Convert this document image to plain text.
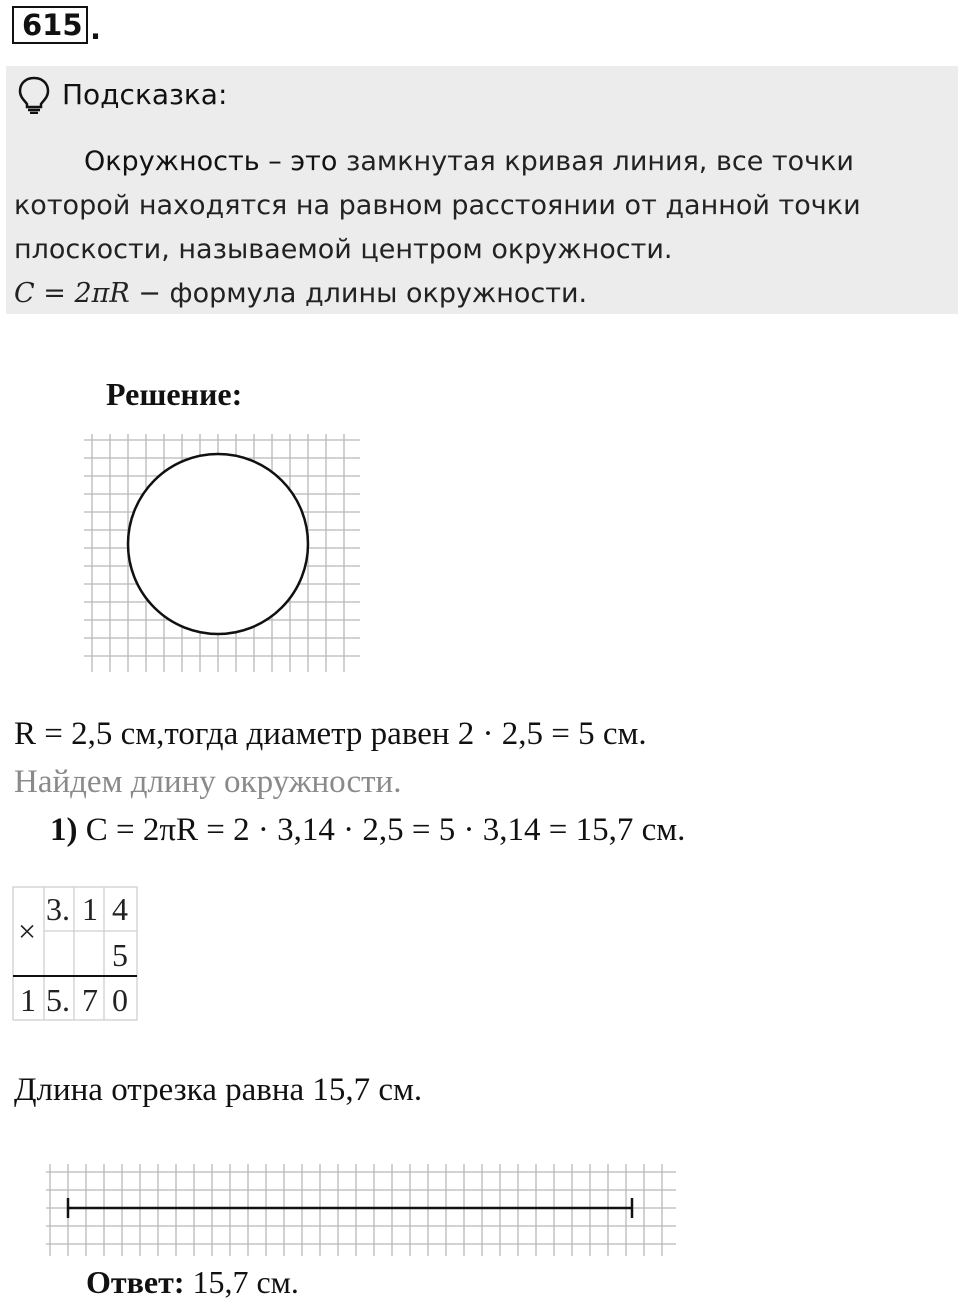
615 .
Подсказка:
Окружность – это замкнутая кривая линия, все точки которой находятся на равном расстоянии от данной точки плоскости, называемой центром окружности.
C = 2πR − формула длины окружности.
Решение:
R = 2,5 см,тогда диаметр равен 2 · 2,5 = 5 см.
Найдем длину окружности.
1) C = 2πR = 2 · 3,14 · 2,5 = 5 · 3,14 = 15,7 см.
×
3. 1 4
5
1 5. 7 0
Длина отрезка равна 15,7 см.
Ответ: 15,7 см.
